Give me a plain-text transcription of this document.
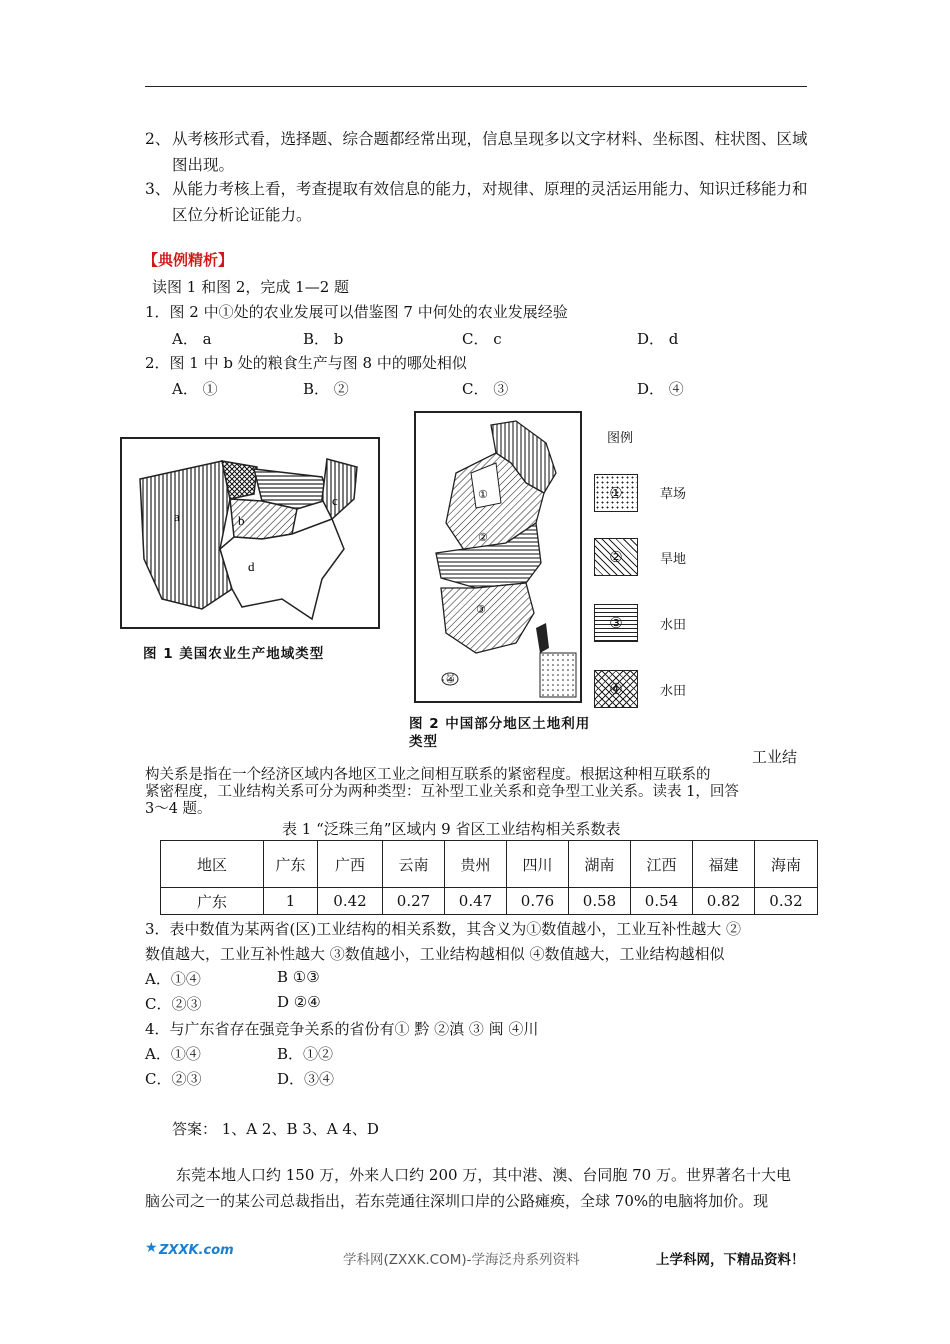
2、 从考核形式看，选择题、综合题都经常出现，信息呈现多以文字材料、坐标图、柱状图、区域图出现。
3、 从能力考核上看，考查提取有效信息的能力，对规律、原理的灵活运用能力、知识迁移能力和区位分析论证能力。
【典例精析】
读图 1 和图 2，完成 1—2 题
1．图 2 中①处的农业发展可以借鉴图 7 中何处的农业发展经验
A． a	B． b	C． c	D． d
2．图 1 中 b 处的粮食生产与图 8 中的哪处相似
A． ①	B． ②	C． ③	D． ④
a	b
c
d
图 1 美国农业生产地域类型
①
②
③
④
图 2 中国部分地区土地利用
类型
图例
①	草场
②	旱地
③	水田
④	水田
工业结
构关系是指在一个经济区域内各地区工业之间相互联系的紧密程度。根据这种相互联系的
紧密程度，工业结构关系可分为两种类型：互补型工业关系和竞争型工业关系。读表 1，回答
3～4 题。
表 1 “泛珠三角”区域内 9 省区工业结构相关系数表
地区	广东	广西	云南	贵州	四川	湖南	江西	福建	海南
广东	1	0.42	0.27	0.47	0.76	0.58	0.54	0.82	0.32
3．表中数值为某两省(区)工业结构的相关系数，其含义为①数值越小，工业互补性越大 ②
数值越大，工业互补性越大 ③数值越小，工业结构越相似 ④数值越大，工业结构越相似
A．①④	B ①③
C．②③	D ②④
4．与广东省存在强竞争关系的省份有① 黔 ②滇 ③ 闽 ④川
A．①④	B．①②
C．②③	D．③④
答案： 1、A 2、B 3、A 4、D
东莞本地人口约 150 万，外来人口约 200 万，其中港、澳、台同胞 70 万。世界著名十大电
脑公司之一的某公司总裁指出，若东莞通往深圳口岸的公路瘫痪，全球 70%的电脑将加价。现
★ ZXXK.com
学科网(ZXXK.COM)-学海泛舟系列资料	上学科网，下精品资料！
